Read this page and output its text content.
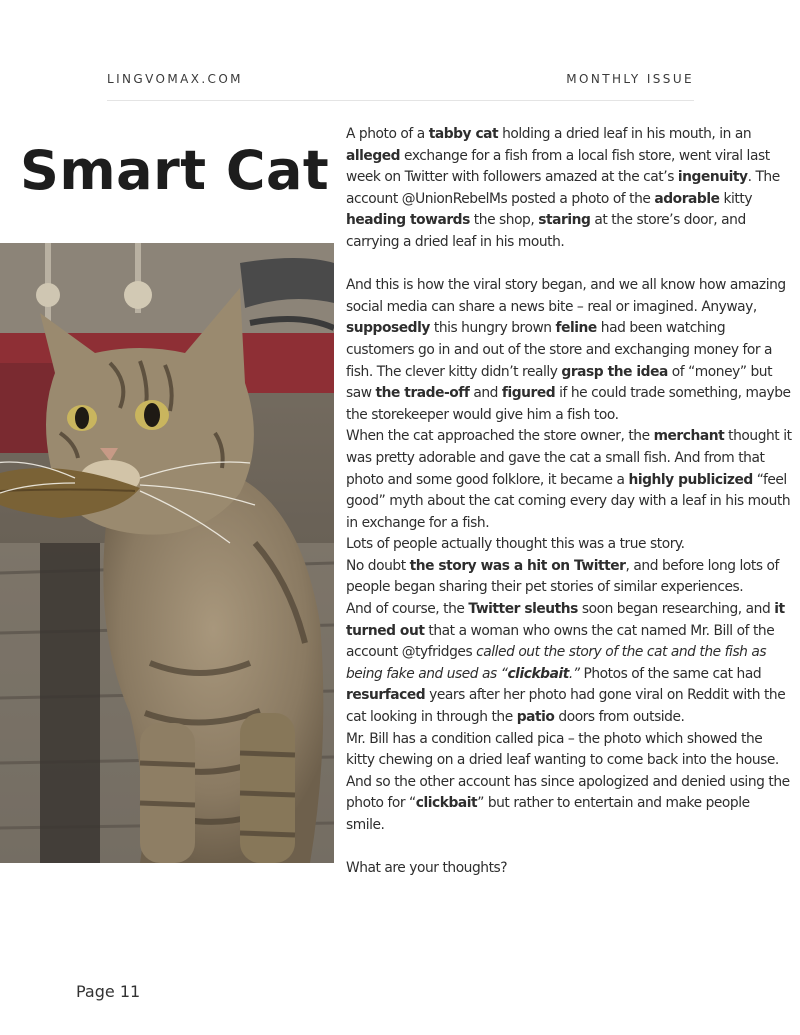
LINGVOMAX.COM	MONTHLY ISSUE
Smart Cat

A photo of a tabby cat holding a dried leaf in his mouth, in an alleged exchange for a fish from a local fish store, went viral last week on Twitter with followers amazed at the cat’s ingenuity. The account @UnionRebelMs posted a photo of the adorable kitty heading towards the shop, staring at the store’s door, and carrying a dried leaf in his mouth.

And this is how the viral story began, and we all know how amazing social media can share a news bite – real or imagined. Anyway, supposedly this hungry brown feline had been watching customers go in and out of the store and exchanging money for a fish. The clever kitty didn’t really grasp the idea of “money” but saw the trade-off and figured if he could trade something, maybe the storekeeper would give him a fish too.

When the cat approached the store owner, the merchant thought it was pretty adorable and gave the cat a small fish. And from that photo and some good folklore, it became a highly publicized “feel good” myth about the cat coming every day with a leaf in his mouth in exchange for a fish.

Lots of people actually thought this was a true story.

No doubt the story was a hit on Twitter, and before long lots of people began sharing their pet stories of similar experiences.

And of course, the Twitter sleuths soon began researching, and it turned out that a woman who owns the cat named Mr. Bill of the account @tyfridges called out the story of the cat and the fish as being fake and used as “clickbait.” Photos of the same cat had resurfaced years after her photo had gone viral on Reddit with the cat looking in through the patio doors from outside.

Mr. Bill has a condition called pica – the photo which showed the kitty chewing on a dried leaf wanting to come back into the house.

And so the other account has since apologized and denied using the photo for “clickbait” but rather to entertain and make people smile.

What are your thoughts?

Page 11
